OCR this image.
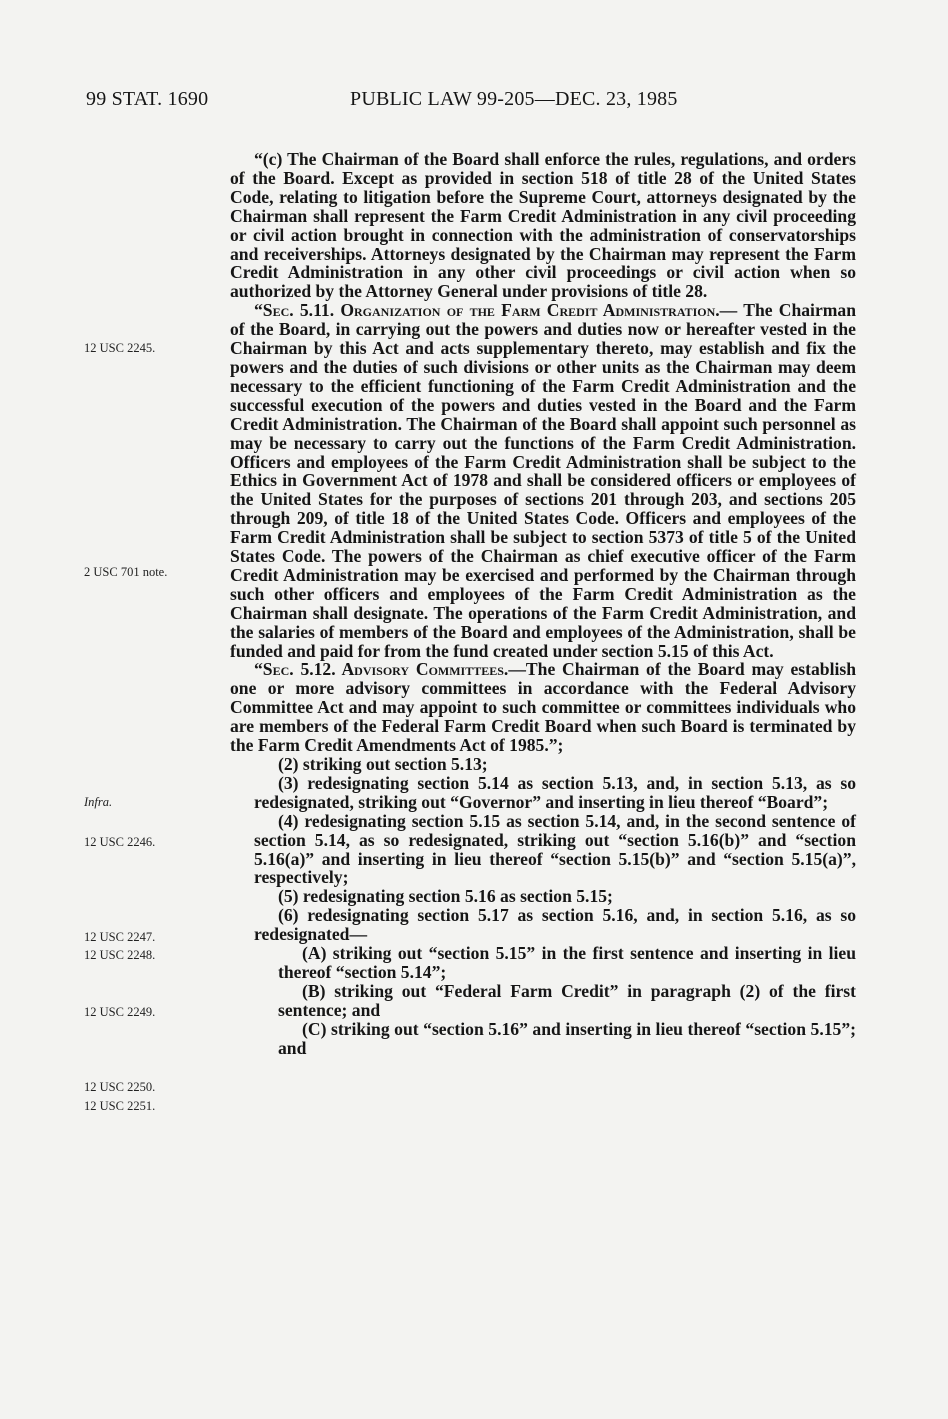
99 STAT. 1690	PUBLIC LAW 99-205—DEC. 23, 1985
12 USC 2245.
2 USC 701 note.
Infra.
12 USC 2246.
12 USC 2247.
12 USC 2248.
12 USC 2249.
12 USC 2250.
12 USC 2251.

“(c) The Chairman of the Board shall enforce the rules, regulations, and orders of the Board. Except as provided in section 518 of title 28 of the United States Code, relating to litigation before the Supreme Court, attorneys designated by the Chairman shall represent the Farm Credit Administration in any civil proceeding or civil action brought in connection with the administration of conservatorships and receiverships. Attorneys designated by the Chairman may represent the Farm Credit Administration in any other civil proceedings or civil action when so authorized by the Attorney General under provisions of title 28.

“Sec. 5.11. Organization of the Farm Credit Administration.— The Chairman of the Board, in carrying out the powers and duties now or hereafter vested in the Chairman by this Act and acts supplementary thereto, may establish and fix the powers and the duties of such divisions or other units as the Chairman may deem necessary to the efficient functioning of the Farm Credit Administration and the successful execution of the powers and duties vested in the Board and the Farm Credit Administration. The Chairman of the Board shall appoint such personnel as may be necessary to carry out the functions of the Farm Credit Administration. Officers and employees of the Farm Credit Administration shall be subject to the Ethics in Government Act of 1978 and shall be considered officers or employees of the United States for the purposes of sections 201 through 203, and sections 205 through 209, of title 18 of the United States Code. Officers and employees of the Farm Credit Administration shall be subject to section 5373 of title 5 of the United States Code. The powers of the Chairman as chief executive officer of the Farm Credit Administration may be exercised and performed by the Chairman through such other officers and employees of the Farm Credit Administration as the Chairman shall designate. The operations of the Farm Credit Administration, and the salaries of members of the Board and employees of the Administration, shall be funded and paid for from the fund created under section 5.15 of this Act.

“Sec. 5.12. Advisory Committees.—The Chairman of the Board may establish one or more advisory committees in accordance with the Federal Advisory Committee Act and may appoint to such committee or committees individuals who are members of the Federal Farm Credit Board when such Board is terminated by the Farm Credit Amendments Act of 1985.”;

(2) striking out section 5.13;

(3) redesignating section 5.14 as section 5.13, and, in section 5.13, as so redesignated, striking out “Governor” and inserting in lieu thereof “Board”;

(4) redesignating section 5.15 as section 5.14, and, in the second sentence of section 5.14, as so redesignated, striking out “section 5.16(b)” and “section 5.16(a)” and inserting in lieu thereof “section 5.15(b)” and “section 5.15(a)”, respectively;

(5) redesignating section 5.16 as section 5.15;

(6) redesignating section 5.17 as section 5.16, and, in section 5.16, as so redesignated—

(A) striking out “section 5.15” in the first sentence and inserting in lieu thereof “section 5.14”;

(B) striking out “Federal Farm Credit” in paragraph (2) of the first sentence; and

(C) striking out “section 5.16” and inserting in lieu thereof “section 5.15”; and
